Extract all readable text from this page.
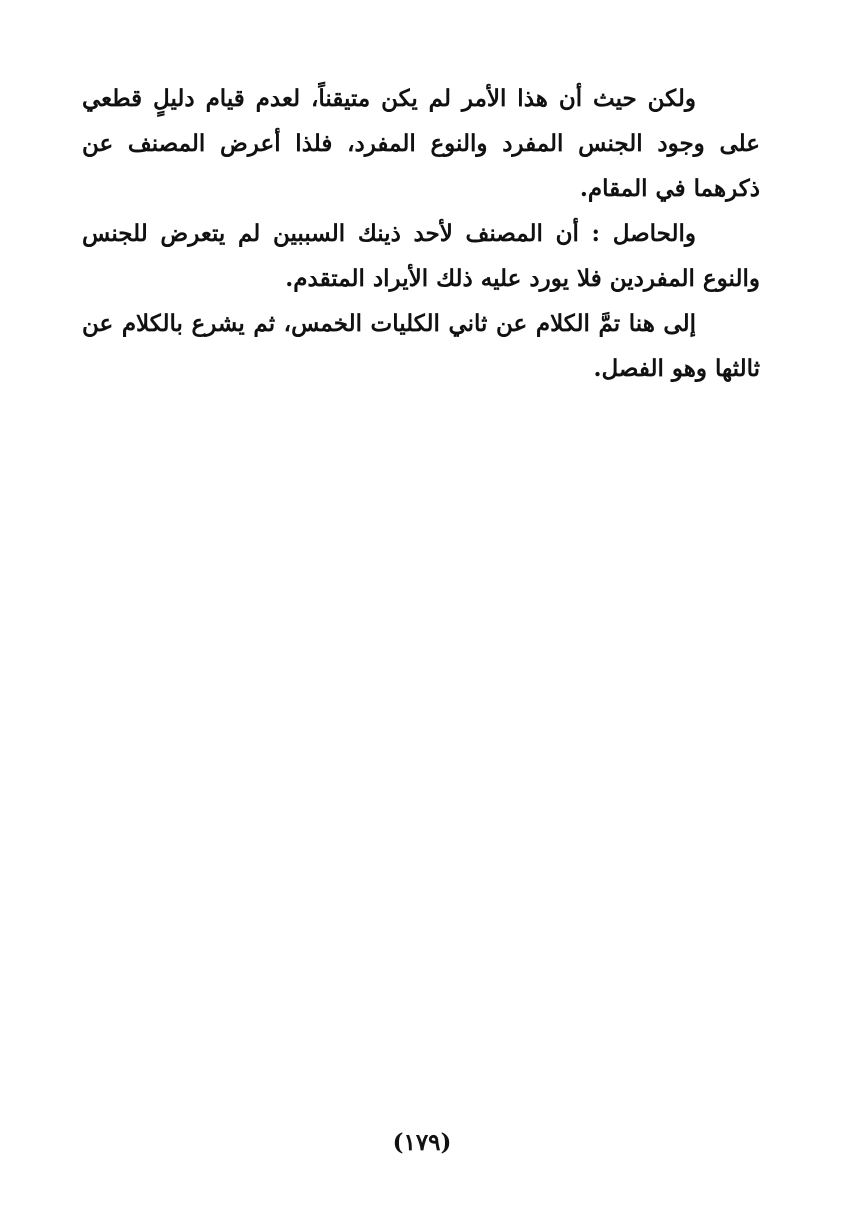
ولكن حيث أن هذا الأمر لم يكن متيقناً، لعدم قيام دليلٍ قطعي على وجود الجنس المفرد والنوع المفرد، فلذا أعرض المصنف عن ذكرهما في المقام.

والحاصل : أن المصنف لأحد ذينك السببين لم يتعرض للجنس والنوع المفردين فلا يورد عليه ذلك الأيراد المتقدم.

إلى هنا تمَّ الكلام عن ثاني الكليات الخمس، ثم يشرع بالكلام عن ثالثها وهو الفصل.

(١٧٩)
